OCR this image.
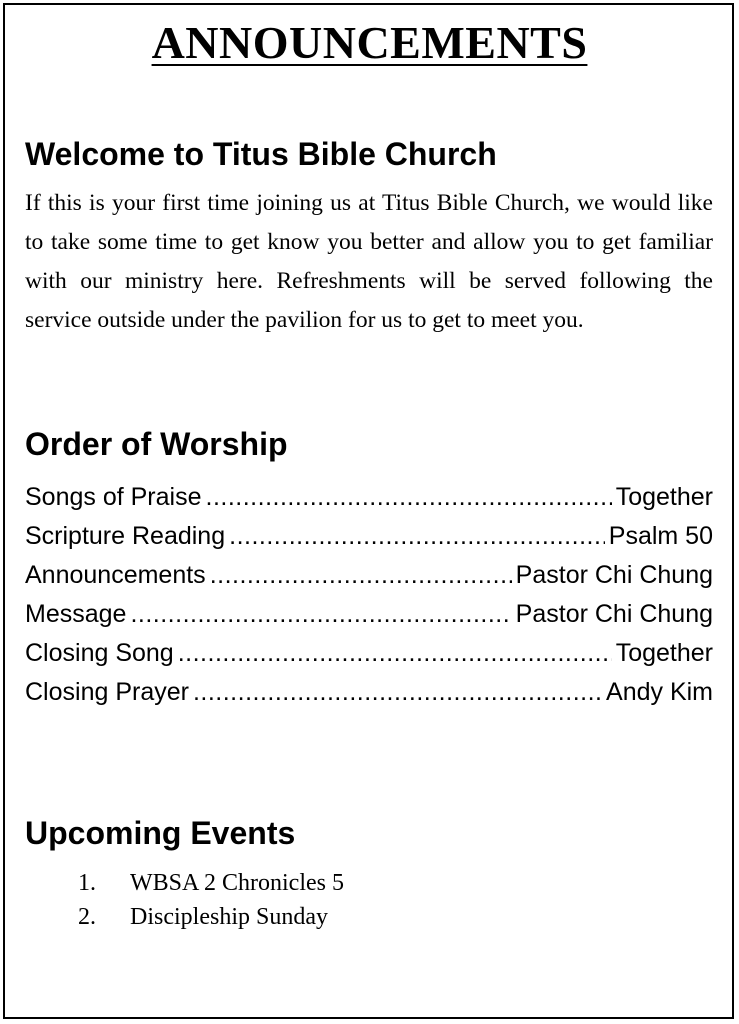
ANNOUNCEMENTS
Welcome to Titus Bible Church

If this is your first time joining us at Titus Bible Church, we would like to take some time to get know you better and allow you to get familiar with our ministry here. Refreshments will be served following the service outside under the pavilion for us to get to meet you.

Order of Worship
Songs of Praise .....	Together
Scripture Reading .....	Psalm 50
Announcements .....	Pastor Chi Chung
Message .....	Pastor Chi Chung
Closing Song .....	Together
Closing Prayer .....	Andy Kim
Upcoming Events
1.	WBSA 2 Chronicles 5
2.	Discipleship Sunday
